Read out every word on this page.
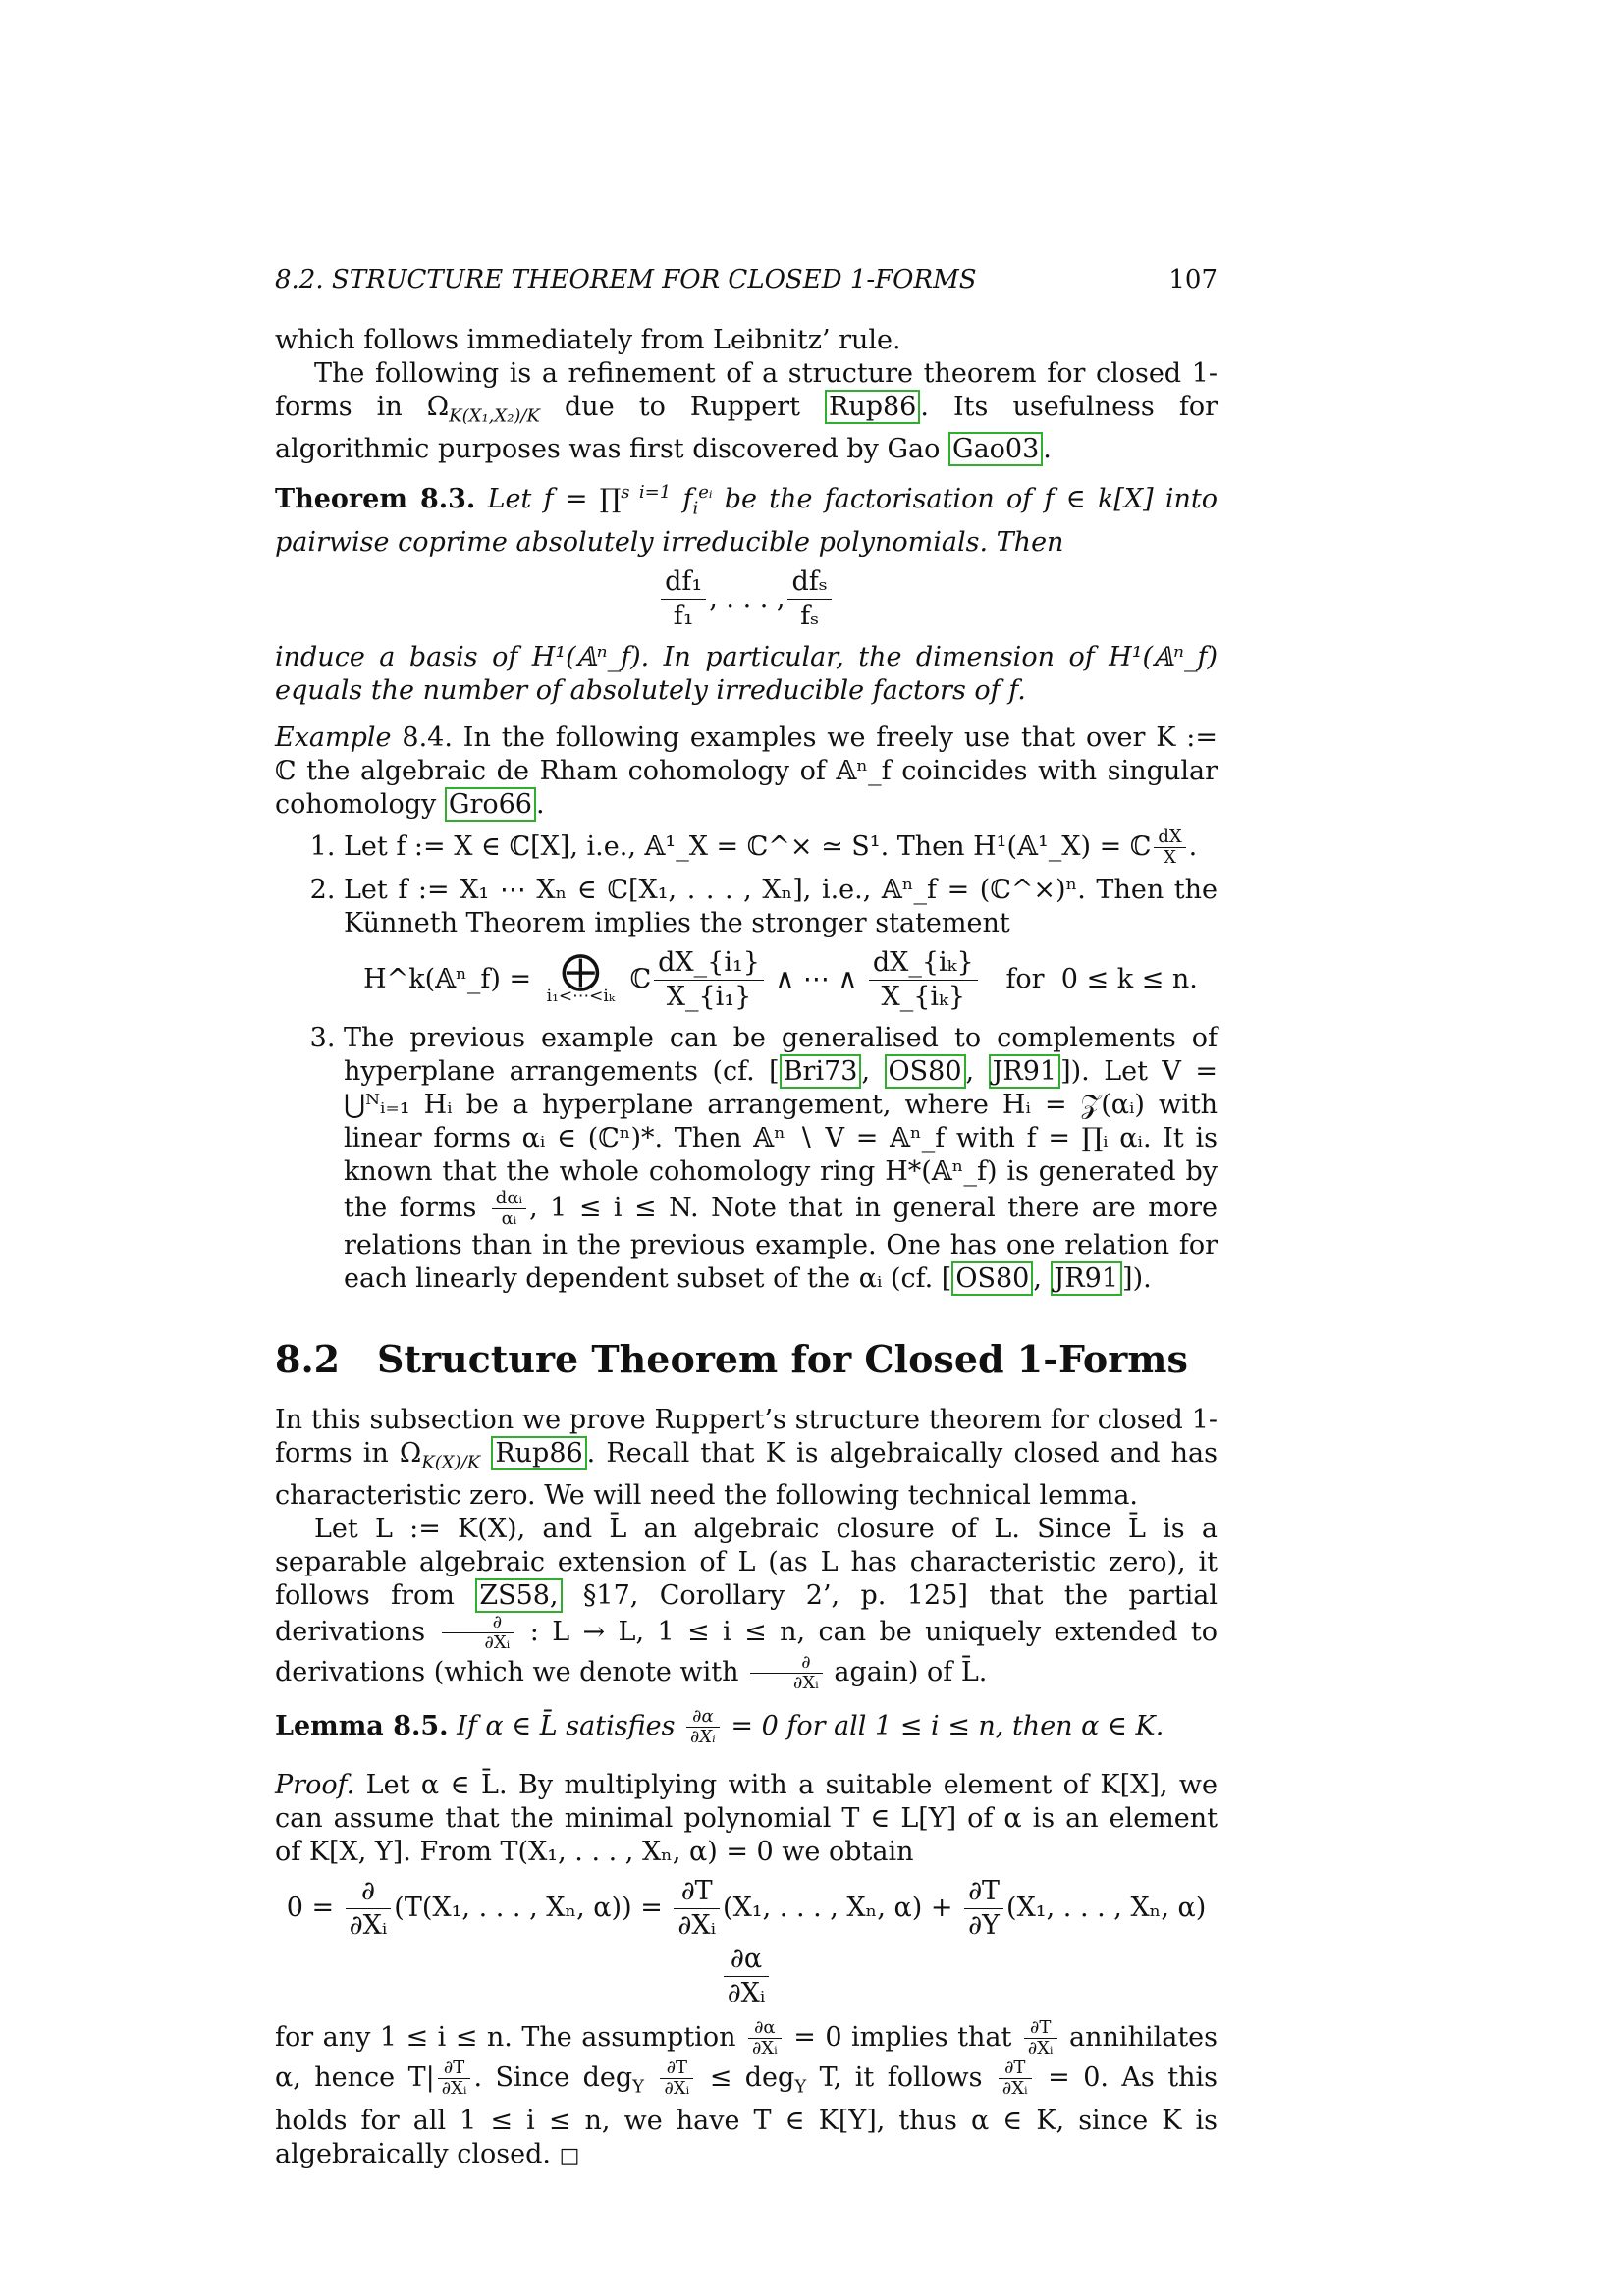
8.2. STRUCTURE THEOREM FOR CLOSED 1-FORMS	107

which follows immediately from Leibnitz’ rule.

The following is a refinement of a structure theorem for closed 1-forms in $\Omega_{K(X_1,X_2)/K}$ due to Ruppert Rup86 . Its usefulness for algorithmic purposes was first discovered by Gao Gao03 .

Theorem 8.3. Let f = ∏$^{s i=1}$ $f_i^{eᵢ}$ be the factorisation of f ∈ k[X] into pairwise coprime absolutely irreducible polynomials. Then

$\frac{\text{df₁}}{\text{f₁}}$ , . . . , $\frac{\text{dfₛ}}{\text{fₛ}}$

induce a basis of H¹(𝔸ⁿ_f). In particular, the dimension of H¹(𝔸ⁿ_f) equals the number of absolutely irreducible factors of f.

Example 8.4. In the following examples we freely use that over K := ℂ the algebraic de Rham cohomology of 𝔸ⁿ_f coincides with singular cohomology Gro66 .

1. Let f := X ∈ ℂ[X], i.e., 𝔸¹_X = ℂ^× ≃ S¹. Then H¹(𝔸¹_X) = ℂ $\frac{dX}{X}$ .
2. Let f := X₁ ⋯ Xₙ ∈ ℂ[X₁, . . . , Xₙ], i.e., 𝔸ⁿ_f = (ℂ^×)ⁿ. Then the Künneth Theorem implies the stronger statement
H^k(𝔸ⁿ_f) = ⨁
i₁<⋯<iₖ
ℂ $\frac{\text{dX\_\{i₁\}}}{\text{X\_\{i₁\}}}$ ∧ ⋯ ∧ $\frac{\text{dX\_\{iₖ\}}}{\text{X\_\{iₖ\}}}$ for 0 ≤ k ≤ n.
3. The previous example can be generalised to complements of hyperplane arrangements (cf. [ Bri73 , OS80 , JR91 ]). Let V = ⋃ᴺᵢ₌₁ Hᵢ be a hyperplane arrangement, where Hᵢ = 𝒵(αᵢ) with linear forms αᵢ ∈ (ℂⁿ)*. Then 𝔸ⁿ ∖ V = 𝔸ⁿ_f with f = ∏ᵢ αᵢ. It is known that the whole cohomology ring H*(𝔸ⁿ_f) is generated by the forms $\frac{\text{dαᵢ}}{\text{αᵢ}}$ , 1 ≤ i ≤ N. Note that in general there are more relations than in the previous example. One has one relation for each linearly dependent subset of the αᵢ (cf. [ OS80 , JR91 ]).
8.2 Structure Theorem for Closed 1-Forms

In this subsection we prove Ruppert’s structure theorem for closed 1-forms in $\Omega_{K(X)/K}$ Rup86 . Recall that K is algebraically closed and has characteristic zero. We will need the following technical lemma.

Let L := K(X), and L̄ an algebraic closure of L. Since L̄ is a separable algebraic extension of L (as L has characteristic zero), it follows from ZS58, §17, Corollary 2’, p. 125] that the partial derivations $\frac{\partial}{\text{∂Xᵢ}}$ : L → L, 1 ≤ i ≤ n, can be uniquely extended to derivations (which we denote with $\frac{\partial}{\text{∂Xᵢ}}$ again) of L̄.

Lemma 8.5. If α ∈ L̄ satisfies $\frac{\partial\alpha}{\text{∂Xᵢ}} = 0$ for all 1 ≤ i ≤ n, then α ∈ K.

Proof. Let α ∈ L̄. By multiplying with a suitable element of K[X], we can assume that the minimal polynomial T ∈ L[Y] of α is an element of K[X, Y]. From T(X₁, . . . , Xₙ, α) = 0 we obtain

$0 = \frac{\partial}{\text{∂Xᵢ}} (T(X_1$, . . . , Xₙ, $\alpha)) = \frac{\partial T}{\text{∂Xᵢ}} (X_1$, . . . , Xₙ, $\alpha) + \frac{\partial T}{\partial Y} (X_1$, . . . , Xₙ, α)
$\frac{\partial\alpha}{\text{∂Xᵢ}}$

for any 1 ≤ i ≤ n. The assumption $\frac{\partial\alpha}{\text{∂Xᵢ}} = 0$ implies that $\frac{\partial T}{\text{∂Xᵢ}}$ annihilates α, hence $T| \frac{\partial T}{\text{∂Xᵢ}}$ . Since $deg_Y \frac{\partial T}{\text{∂Xᵢ}} \le deg_Y$ T, it follows $\frac{\partial T}{\text{∂Xᵢ}} = 0$. As this holds for all 1 ≤ i ≤ n, we have T ∈ K[Y], thus α ∈ K, since K is algebraically closed. □
